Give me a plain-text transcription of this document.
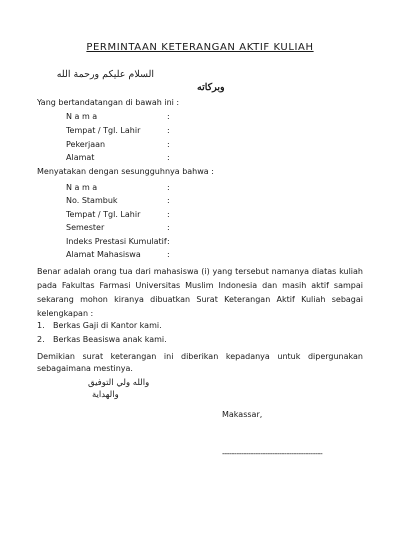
PERMINTAAN KETERANGAN AKTIF KULIAH
السلام عليكم ورحمة الله
وبركاته
Yang bertandatangan di bawah ini :
N a m a	:
Tempat / Tgl. Lahir	:
Pekerjaan	:
Alamat	:
Menyatakan dengan sesungguhnya bahwa :
N a m a	:
No. Stambuk	:
Tempat / Tgl. Lahir	:
Semester	:
Indeks Prestasi Kumulatif :
Alamat Mahasiswa	:
Benar adalah orang tua dari mahasiswa (i) yang tersebut namanya diatas kuliah pada Fakultas Farmasi Universitas Muslim Indonesia dan masih aktif sampai sekarang mohon kiranya dibuatkan Surat Keterangan Aktif Kuliah sebagai kelengkapan :
1. Berkas Gaji di Kantor kami.
2. Berkas Beasiswa anak kami.
Demikian surat keterangan ini diberikan kepadanya untuk dipergunakan sebagaimana mestinya.
والله ولي التوفيق
والهداية
Makassar,
------------------------------------------
